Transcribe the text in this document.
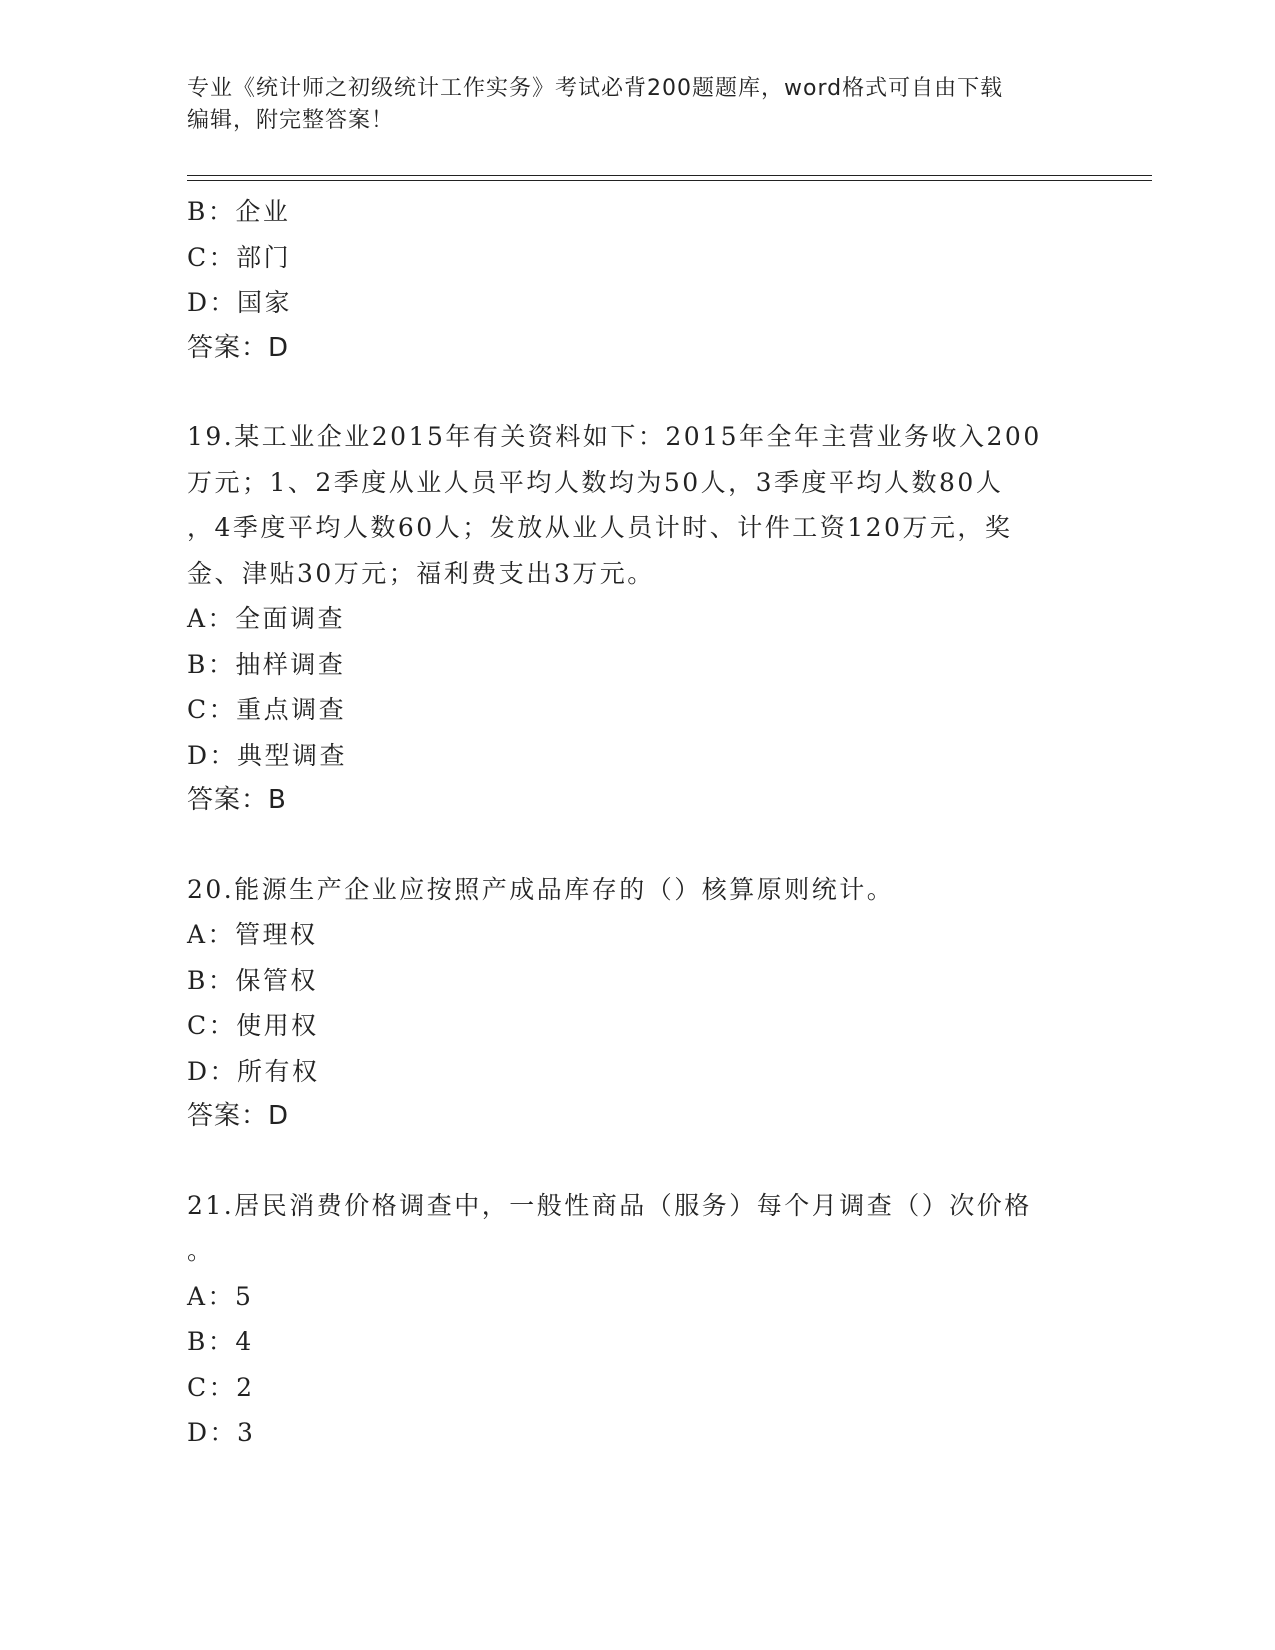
专业《统计师之初级统计工作实务》考试必背200题题库，word格式可自由下载
编辑，附完整答案！
B：企业
C：部门
D：国家
答案：D
19.某工业企业2015年有关资料如下：2015年全年主营业务收入200
万元；1、2季度从业人员平均人数均为50人，3季度平均人数80人
，4季度平均人数60人；发放从业人员计时、计件工资120万元，奖
金、津贴30万元；福利费支出3万元。
A：全面调查
B：抽样调查
C：重点调查
D：典型调查
答案：B
20.能源生产企业应按照产成品库存的（）核算原则统计。
A：管理权
B：保管权
C：使用权
D：所有权
答案：D
21.居民消费价格调查中，一般性商品（服务）每个月调查（）次价格
。
A：5
B：4
C：2
D：3
